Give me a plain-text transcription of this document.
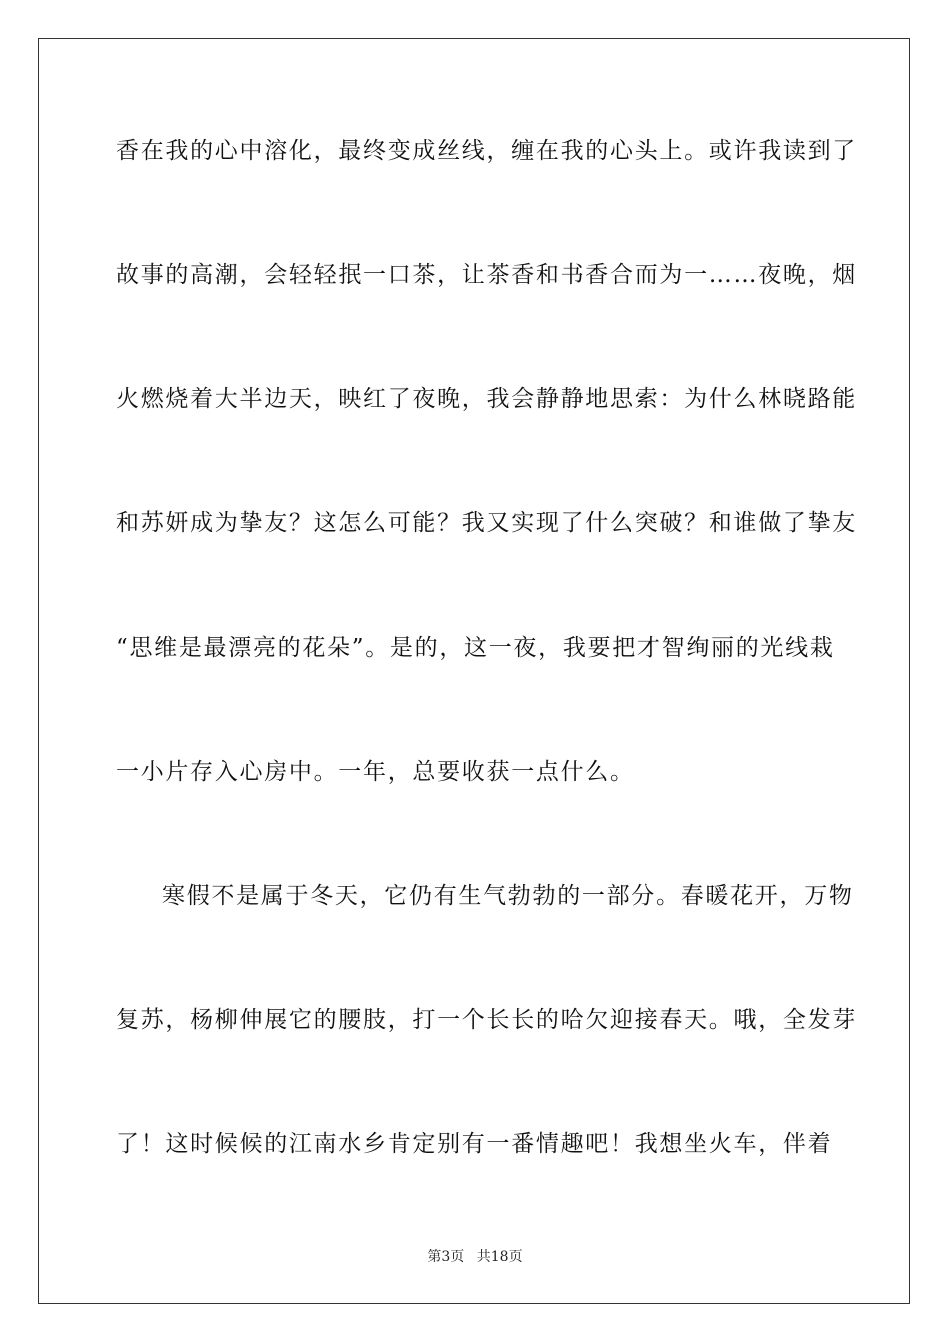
香在我的心中溶化，最终变成丝线，缠在我的心头上。或许我读到了
故事的高潮，会轻轻抿一口茶，让茶香和书香合而为一……夜晚，烟
火燃烧着大半边天，映红了夜晚，我会静静地思索：为什么林晓路能
和苏妍成为挚友？这怎么可能？我又实现了什么突破？和谁做了挚友
“思维是最漂亮的花朵”。是的，这一夜，我要把才智绚丽的光线栽
一小片存入心房中。一年，总要收获一点什么。
寒假不是属于冬天，它仍有生气勃勃的一部分。春暖花开，万物
复苏，杨柳伸展它的腰肢，打一个长长的哈欠迎接春天。哦，全发芽
了！这时候候的江南水乡肯定别有一番情趣吧！我想坐火车，伴着
第3页 共18页
